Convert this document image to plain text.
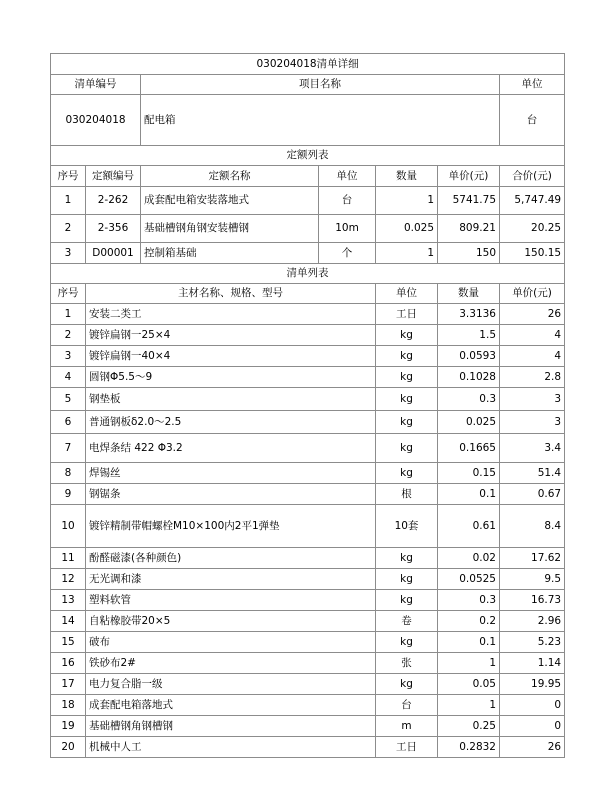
030204018清单详细							
清单编号		项目名称				单位	
030204018		配电箱				台	
定额列表							
序号	定额编号	定额名称	单位	数量	单价(元)	合价(元)	
1	2-262	成套配电箱安装落地式	台	1	5741.75	5,747.49	
2	2-356	基础槽钢角钢安装槽钢	10m	0.025	809.21	20.25	
3	D00001	控制箱基础	个	1	150	150.15	
清单列表							
序号	主材名称、规格、型号			单位	数量	单价(元)	
1	安装二类工			工日	3.3136	26	
2	镀锌扁钢一25×4			kg	1.5	4	
3	镀锌扁钢一40×4			kg	0.0593	4	
4	圆钢Φ5.5～9			kg	0.1028	2.8	
5	钢垫板			kg	0.3	3	
6	普通钢板δ2.0～2.5			kg	0.025	3	
7	电焊条结 422 Φ3.2			kg	0.1665	3.4	
8	焊锡丝			kg	0.15	51.4	
9	钢锯条			根	0.1	0.67	
10	镀锌精制带帽螺栓M10×100内2平1弹垫			10套	0.61	8.4	
11	酚醛磁漆(各种颜色)			kg	0.02	17.62	
12	无光调和漆			kg	0.0525	9.5	
13	塑料软管			kg	0.3	16.73	
14	自粘橡胶带20×5			卷	0.2	2.96	
15	破布			kg	0.1	5.23	
16	铁砂布2#			张	1	1.14	
17	电力复合脂一级			kg	0.05	19.95	
18	成套配电箱落地式			台	1	0	
19	基础槽钢角钢槽钢			m	0.25	0	
20	机械中人工			工日	0.2832	26	
